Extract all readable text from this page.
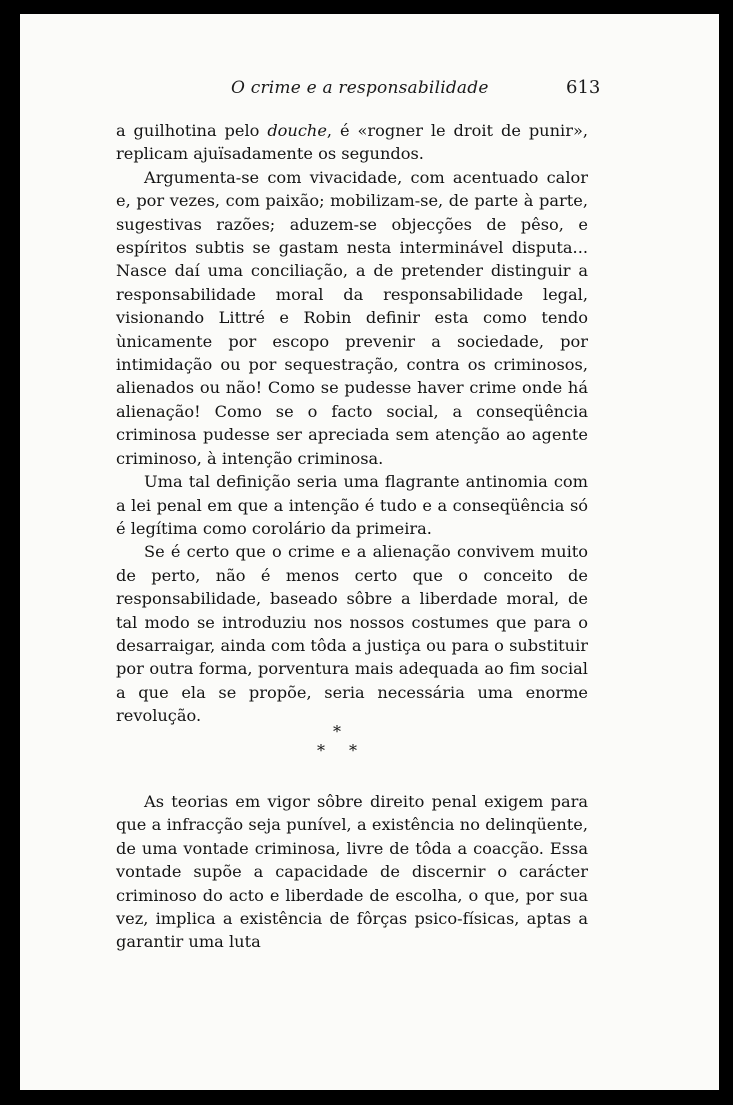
O crime e a responsabilidade	613

a guilhotina pelo douche, é «rogner le droit de punir», replicam ajuïsadamente os segundos.

Argumenta-se com vivacidade, com acentuado calor e, por vezes, com paixão; mobilizam-se, de parte à parte, sugestivas razões; aduzem-se objecções de pêso, e espíritos subtis se gastam nesta interminável disputa... Nasce daí uma conciliação, a de pretender distinguir a responsabilidade moral da responsabilidade legal, visionando Littré e Robin definir esta como tendo ùnicamente por escopo prevenir a sociedade, por intimidação ou por sequestração, contra os criminosos, alienados ou não! Como se pudesse haver crime onde há alienação! Como se o facto social, a conseqüência criminosa pudesse ser apreciada sem atenção ao agente criminoso, à intenção criminosa.

Uma tal definição seria uma flagrante antinomia com a lei penal em que a intenção é tudo e a conseqüência só é legítima como corolário da primeira.

Se é certo que o crime e a alienação convivem muito de perto, não é menos certo que o conceito de responsabilidade, baseado sôbre a liberdade moral, de tal modo se introduziu nos nossos costumes que para o desarraigar, ainda com tôda a justiça ou para o substituir por outra forma, porventura mais adequada ao fim social a que ela se propõe, seria necessária uma enorme revolução.

*
* *

As teorias em vigor sôbre direito penal exigem para que a infracção seja punível, a existência no delinqüente, de uma vontade criminosa, livre de tôda a coacção. Essa vontade supõe a capacidade de discernir o carácter criminoso do acto e liberdade de escolha, o que, por sua vez, implica a existência de fôrças psico-físicas, aptas a garantir uma luta
